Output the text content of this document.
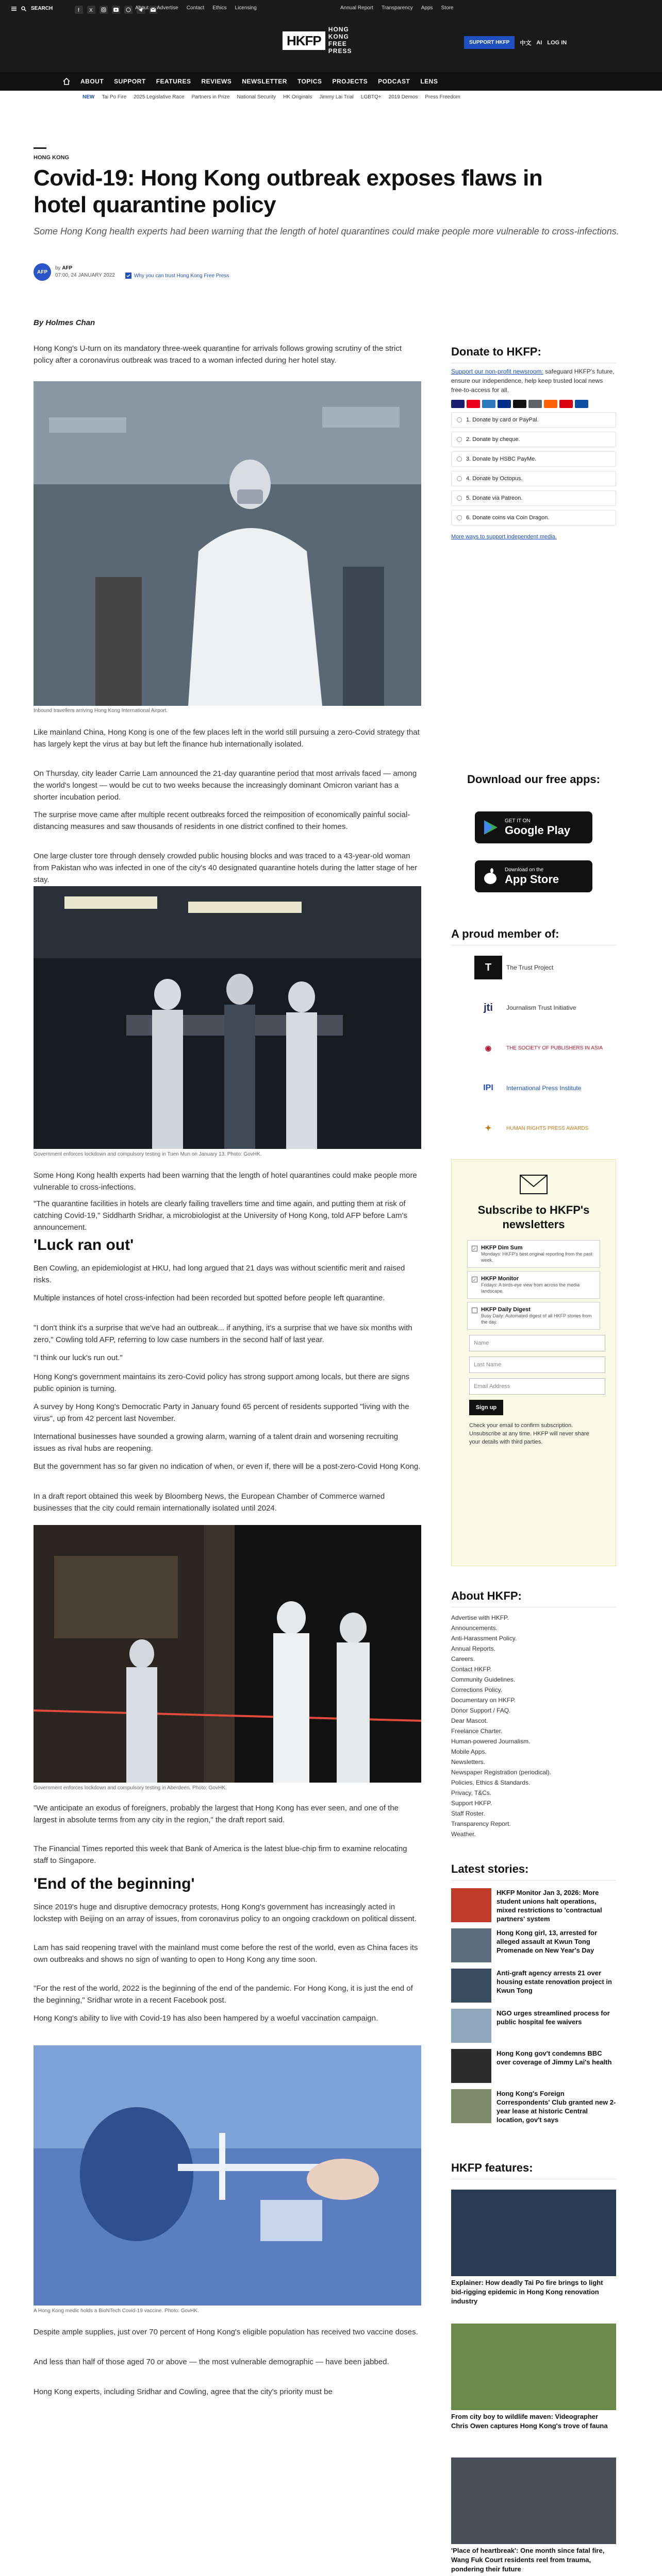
SEARCH	f X	About Advertise Contact Ethics Licensing	Annual Report Transparency Apps Store
HKFP
HONG KONG
FREE PRESS
SUPPORT HKFP	中文 AI LOG IN
ABOUT SUPPORT FEATURES REVIEWS NEWSLETTER TOPICS PROJECTS PODCAST LENS
NEW Tai Po Fire 2025 Legislative Race Partners in Prize National Security HK Originals Jimmy Lai Trial LGBTQ+ 2019 Demos Press Freedom
HONG KONG
Covid-19: Hong Kong outbreak exposes flaws in hotel quarantine policy
Some Hong Kong health experts had been warning that the length of hotel quarantines could make people more vulnerable to cross-infections.
AFP
by AFP
07:00, 24 JANUARY 2022	Why you can trust Hong Kong Free Press
By Holmes Chan
Hong Kong's U-turn on its mandatory three-week quarantine for arrivals follows growing scrutiny of the strict policy after a coronavirus outbreak was traced to a woman infected during her hotel stay.
Inbound travellers arriving Hong Kong International Airport.
Like mainland China, Hong Kong is one of the few places left in the world still pursuing a zero-Covid strategy that has largely kept the virus at bay but left the finance hub internationally isolated.
On Thursday, city leader Carrie Lam announced the 21-day quarantine period that most arrivals faced — among the world's longest — would be cut to two weeks because the increasingly dominant Omicron variant has a shorter incubation period.
The surprise move came after multiple recent outbreaks forced the reimposition of economically painful social-distancing measures and saw thousands of residents in one district confined to their homes.
One large cluster tore through densely crowded public housing blocks and was traced to a 43-year-old woman from Pakistan who was infected in one of the city's 40 designated quarantine hotels during the latter stage of her stay.
Government enforces lockdown and compulsory testing in Tuen Mun on January 13. Photo: GovHK.
Some Hong Kong health experts had been warning that the length of hotel quarantines could make people more vulnerable to cross-infections.
"The quarantine facilities in hotels are clearly failing travellers time and time again, and putting them at risk of catching Covid-19," Siddharth Sridhar, a microbiologist at the University of Hong Kong, told AFP before Lam's announcement.
'Luck ran out'
Ben Cowling, an epidemiologist at HKU, had long argued that 21 days was without scientific merit and raised risks.
Multiple instances of hotel cross-infection had been recorded but spotted before people left quarantine.
"I don't think it's a surprise that we've had an outbreak... if anything, it's a surprise that we have six months with zero," Cowling told AFP, referring to low case numbers in the second half of last year.
"I think our luck's run out."
Hong Kong's government maintains its zero-Covid policy has strong support among locals, but there are signs public opinion is turning.
A survey by Hong Kong's Democratic Party in January found 65 percent of residents supported "living with the virus", up from 42 percent last November.
International businesses have sounded a growing alarm, warning of a talent drain and worsening recruiting issues as rival hubs are reopening.
But the government has so far given no indication of when, or even if, there will be a post-zero-Covid Hong Kong.
In a draft report obtained this week by Bloomberg News, the European Chamber of Commerce warned businesses that the city could remain internationally isolated until 2024.
Government enforces lockdown and compulsory testing in Aberdeen. Photo: GovHK.
"We anticipate an exodus of foreigners, probably the largest that Hong Kong has ever seen, and one of the largest in absolute terms from any city in the region," the draft report said.
The Financial Times reported this week that Bank of America is the latest blue-chip firm to examine relocating staff to Singapore.
'End of the beginning'
Since 2019's huge and disruptive democracy protests, Hong Kong's government has increasingly acted in lockstep with Beijing on an array of issues, from coronavirus policy to an ongoing crackdown on political dissent.
Lam has said reopening travel with the mainland must come before the rest of the world, even as China faces its own outbreaks and shows no sign of wanting to open to Hong Kong any time soon.
"For the rest of the world, 2022 is the beginning of the end of the pandemic. For Hong Kong, it is just the end of the beginning," Sridhar wrote in a recent Facebook post.
Hong Kong's ability to live with Covid-19 has also been hampered by a woeful vaccination campaign.
A Hong Kong medic holds a BioNTech Covid-19 vaccine. Photo: GovHK.
Despite ample supplies, just over 70 percent of Hong Kong's eligible population has received two vaccine doses.
And less than half of those aged 70 or above — the most vulnerable demographic — have been jabbed.
Hong Kong experts, including Sridhar and Cowling, agree that the city's priority must be
Donate to HKFP:
Support our non-profit newsroom: safeguard HKFP's future, ensure our independence, help keep trusted local news free-to-access for all.
1. Donate by card or PayPal.
2. Donate by cheque.
3. Donate by HSBC PayMe.
4. Donate by Octopus.
5. Donate via Patreon.
6. Donate coins via Coin Dragon.
More ways to support independent media.
Download our free apps:
GET IT ON
Google Play
Download on the
App Store
A proud member of:
T	The Trust Project
jti	Journalism Trust Initiative
◉	THE SOCIETY OF PUBLISHERS IN ASIA
IPI	International Press Institute
✦	HUMAN RIGHTS PRESS AWARDS
Subscribe to HKFP's newsletters
✓ HKFP Dim Sum
Mondays: HKFP's best original reporting from the past week.
✓ HKFP Monitor
Fridays: A birds-eye view from across the media landscape.
HKFP Daily Digest
Busy Daily: Automated digest of all HKFP stories from the day.
Name
Last Name
Email Address
Sign up
Check your email to confirm subscription. Unsubscribe at any time. HKFP will never share your details with third parties.
About HKFP:
Advertise with HKFP.
Announcements.
Anti-Harassment Policy.
Annual Reports.
Careers.
Contact HKFP.
Community Guidelines.
Corrections Policy.
Documentary on HKFP.
Donor Support / FAQ.
Dear Mascot.
Freelance Charter.
Human-powered Journalism.
Mobile Apps.
Newsletters.
Newspaper Registration (periodical).
Policies, Ethics & Standards.
Privacy, T&Cs.
Support HKFP.
Staff Roster.
Transparency Report.
Weather.
Latest stories:
HKFP Monitor Jan 3, 2026: More student unions halt operations, mixed restrictions to 'contractual partners' system
Hong Kong girl, 13, arrested for alleged assault at Kwun Tong Promenade on New Year's Day
Anti-graft agency arrests 21 over housing estate renovation project in Kwun Tong
NGO urges streamlined process for public hospital fee waivers
Hong Kong gov't condemns BBC over coverage of Jimmy Lai's health
Hong Kong's Foreign Correspondents' Club granted new 2-year lease at historic Central location, gov't says
HKFP features:
Explainer: How deadly Tai Po fire brings to light bid-rigging epidemic in Hong Kong renovation industry
From city boy to wildlife maven: Videographer Chris Owen captures Hong Kong's trove of fauna
'Place of heartbreak': One month since fatal fire, Wang Fuk Court residents reel from trauma, pondering their future
